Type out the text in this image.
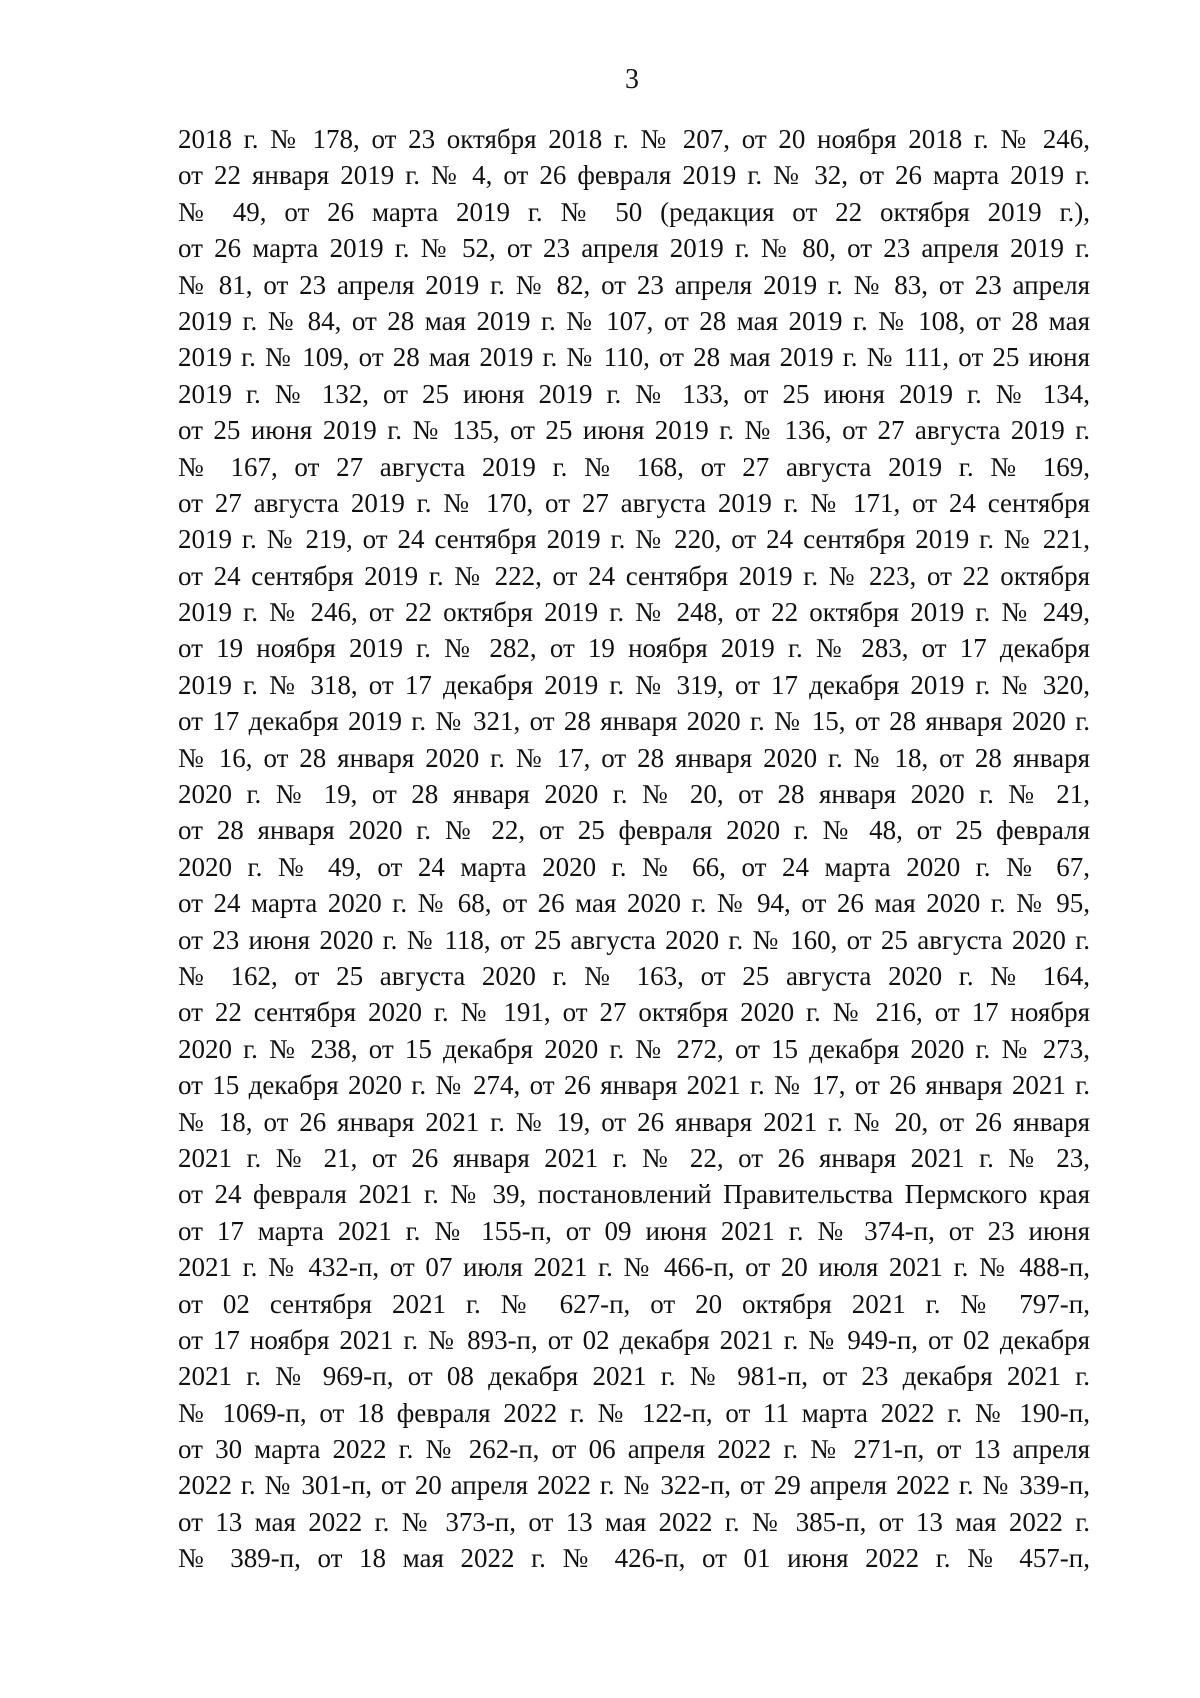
3
2018 г. № 178, от 23 октября 2018 г. № 207, от 20 ноября 2018 г. № 246,
от 22 января 2019 г. № 4, от 26 февраля 2019 г. № 32, от 26 марта 2019 г.
№ 49, от 26 марта 2019 г. № 50 (редакция от 22 октября 2019 г.),
от 26 марта 2019 г. № 52, от 23 апреля 2019 г. № 80, от 23 апреля 2019 г.
№ 81, от 23 апреля 2019 г. № 82, от 23 апреля 2019 г. № 83, от 23 апреля
2019 г. № 84, от 28 мая 2019 г. № 107, от 28 мая 2019 г. № 108, от 28 мая
2019 г. № 109, от 28 мая 2019 г. № 110, от 28 мая 2019 г. № 111, от 25 июня
2019 г. № 132, от 25 июня 2019 г. № 133, от 25 июня 2019 г. № 134,
от 25 июня 2019 г. № 135, от 25 июня 2019 г. № 136, от 27 августа 2019 г.
№ 167, от 27 августа 2019 г. № 168, от 27 августа 2019 г. № 169,
от 27 августа 2019 г. № 170, от 27 августа 2019 г. № 171, от 24 сентября
2019 г. № 219, от 24 сентября 2019 г. № 220, от 24 сентября 2019 г. № 221,
от 24 сентября 2019 г. № 222, от 24 сентября 2019 г. № 223, от 22 октября
2019 г. № 246, от 22 октября 2019 г. № 248, от 22 октября 2019 г. № 249,
от 19 ноября 2019 г. № 282, от 19 ноября 2019 г. № 283, от 17 декабря
2019 г. № 318, от 17 декабря 2019 г. № 319, от 17 декабря 2019 г. № 320,
от 17 декабря 2019 г. № 321, от 28 января 2020 г. № 15, от 28 января 2020 г.
№ 16, от 28 января 2020 г. № 17, от 28 января 2020 г. № 18, от 28 января
2020 г. № 19, от 28 января 2020 г. № 20, от 28 января 2020 г. № 21,
от 28 января 2020 г. № 22, от 25 февраля 2020 г. № 48, от 25 февраля
2020 г. № 49, от 24 марта 2020 г. № 66, от 24 марта 2020 г. № 67,
от 24 марта 2020 г. № 68, от 26 мая 2020 г. № 94, от 26 мая 2020 г. № 95,
от 23 июня 2020 г. № 118, от 25 августа 2020 г. № 160, от 25 августа 2020 г.
№ 162, от 25 августа 2020 г. № 163, от 25 августа 2020 г. № 164,
от 22 сентября 2020 г. № 191, от 27 октября 2020 г. № 216, от 17 ноября
2020 г. № 238, от 15 декабря 2020 г. № 272, от 15 декабря 2020 г. № 273,
от 15 декабря 2020 г. № 274, от 26 января 2021 г. № 17, от 26 января 2021 г.
№ 18, от 26 января 2021 г. № 19, от 26 января 2021 г. № 20, от 26 января
2021 г. № 21, от 26 января 2021 г. № 22, от 26 января 2021 г. № 23,
от 24 февраля 2021 г. № 39, постановлений Правительства Пермского края
от 17 марта 2021 г. № 155-п, от 09 июня 2021 г. № 374-п, от 23 июня
2021 г. № 432-п, от 07 июля 2021 г. № 466-п, от 20 июля 2021 г. № 488-п,
от 02 сентября 2021 г. № 627-п, от 20 октября 2021 г. № 797-п,
от 17 ноября 2021 г. № 893-п, от 02 декабря 2021 г. № 949-п, от 02 декабря
2021 г. № 969-п, от 08 декабря 2021 г. № 981-п, от 23 декабря 2021 г.
№ 1069-п, от 18 февраля 2022 г. № 122-п, от 11 марта 2022 г. № 190-п,
от 30 марта 2022 г. № 262-п, от 06 апреля 2022 г. № 271-п, от 13 апреля
2022 г. № 301-п, от 20 апреля 2022 г. № 322-п, от 29 апреля 2022 г. № 339-п,
от 13 мая 2022 г. № 373-п, от 13 мая 2022 г. № 385-п, от 13 мая 2022 г.
№ 389-п, от 18 мая 2022 г. № 426-п, от 01 июня 2022 г. № 457-п,
